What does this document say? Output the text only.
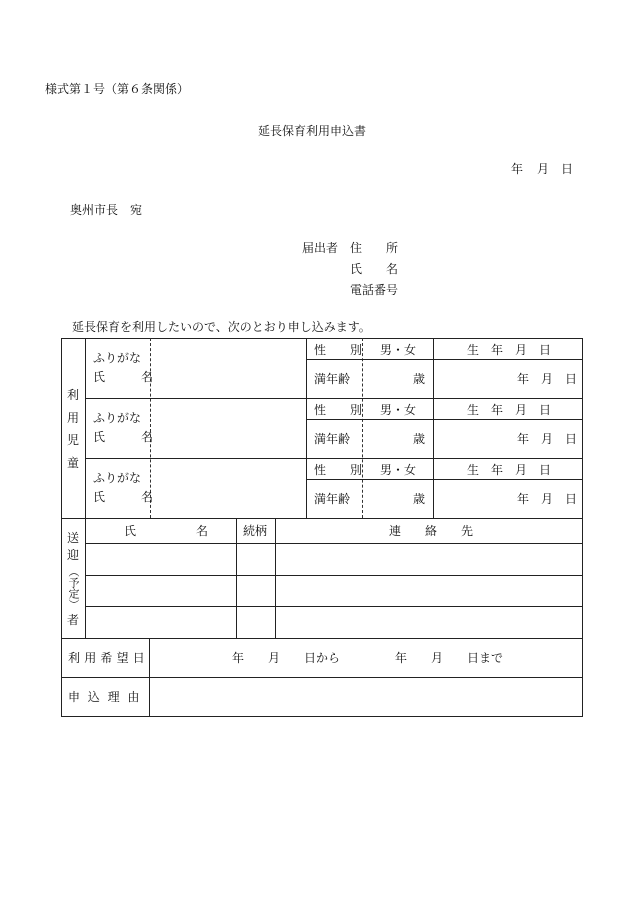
様式第１号（第６条関係）
延長保育利用申込書
年 月 日
奥州市長　宛
届出者 住　　所
氏　　名
電話番号
延長保育を利用したいので、次のとおり申し込みます。
利
用
児
童
ふりがな
氏　　　名
性　　別 男・女	生　年　月　日
満年齢	歳	年　月　日
ふりがな
氏　　　名
性　　別 男・女	生　年　月　日
満年齢	歳	年　月　日
ふりがな
氏　　　名
性　　別 男・女	生　年　月　日
満年齢	歳	年　月　日
送
迎
（予定）
者
氏　　　　　名	続柄	連　　絡　　先
利用希望日	年　　月　　日から	年　　月　　日まで
申込理由
